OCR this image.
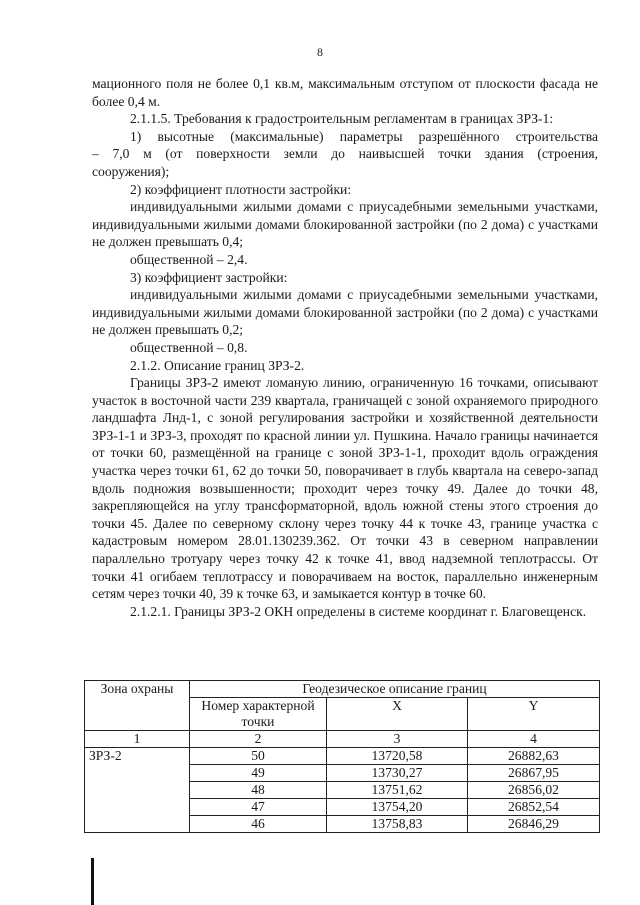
8

мационного поля не более 0,1 кв.м, максимальным отступом от плоскости фасада не более 0,4 м.

2.1.1.5. Требования к градостроительным регламентам в границах ЗРЗ-1:

1) высотные (максимальные) параметры разрешённого строительства – 7,0 м (от поверхности земли до наивысшей точки здания (строения, сооружения);

2) коэффициент плотности застройки:

индивидуальными жилыми домами с приусадебными земельными участками, индивидуальными жилыми домами блокированной застройки (по 2 дома) с участками не должен превышать 0,4;

общественной – 2,4.

3) коэффициент застройки:

индивидуальными жилыми домами с приусадебными земельными участками, индивидуальными жилыми домами блокированной застройки (по 2 дома) с участками не должен превышать 0,2;

общественной – 0,8.

2.1.2. Описание границ ЗРЗ-2.

Границы ЗРЗ-2 имеют ломаную линию, ограниченную 16 точками, описывают участок в восточной части 239 квартала, граничащей с зоной охраняемого природного ландшафта Лнд-1, с зоной регулирования застройки и хозяйственной деятельности ЗРЗ-1-1 и ЗРЗ-3, проходят по красной линии ул. Пушкина. Начало границы начинается от точки 60, размещённой на границе с зоной ЗРЗ-1-1, проходит вдоль ограждения участка через точки 61, 62 до точки 50, поворачивает в глубь квартала на северо-запад вдоль подножия возвышенности; проходит через точку 49. Далее до точки 48, закрепляющейся на углу трансформаторной, вдоль южной стены этого строения до точки 45. Далее по северному склону через точку 44 к точке 43, границе участка с кадастровым номером 28.01.130239.362. От точки 43 в северном направлении параллельно тротуару через точку 42 к точке 41, ввод надземной теплотрассы. От точки 41 огибаем теплотрассу и поворачиваем на восток, параллельно инженерным сетям через точки 40, 39 к точке 63, и замыкается контур в точке 60.

2.1.2.1. Границы ЗРЗ-2 ОКН определены в системе координат г. Благовещенск.

Зона охраны	Геодезическое описание границ		
	Номер характерной точки	X	Y
1	2	3	4
ЗРЗ-2	50	13720,58	26882,63
	49	13730,27	26867,95
	48	13751,62	26856,02
	47	13754,20	26852,54
	46	13758,83	26846,29
